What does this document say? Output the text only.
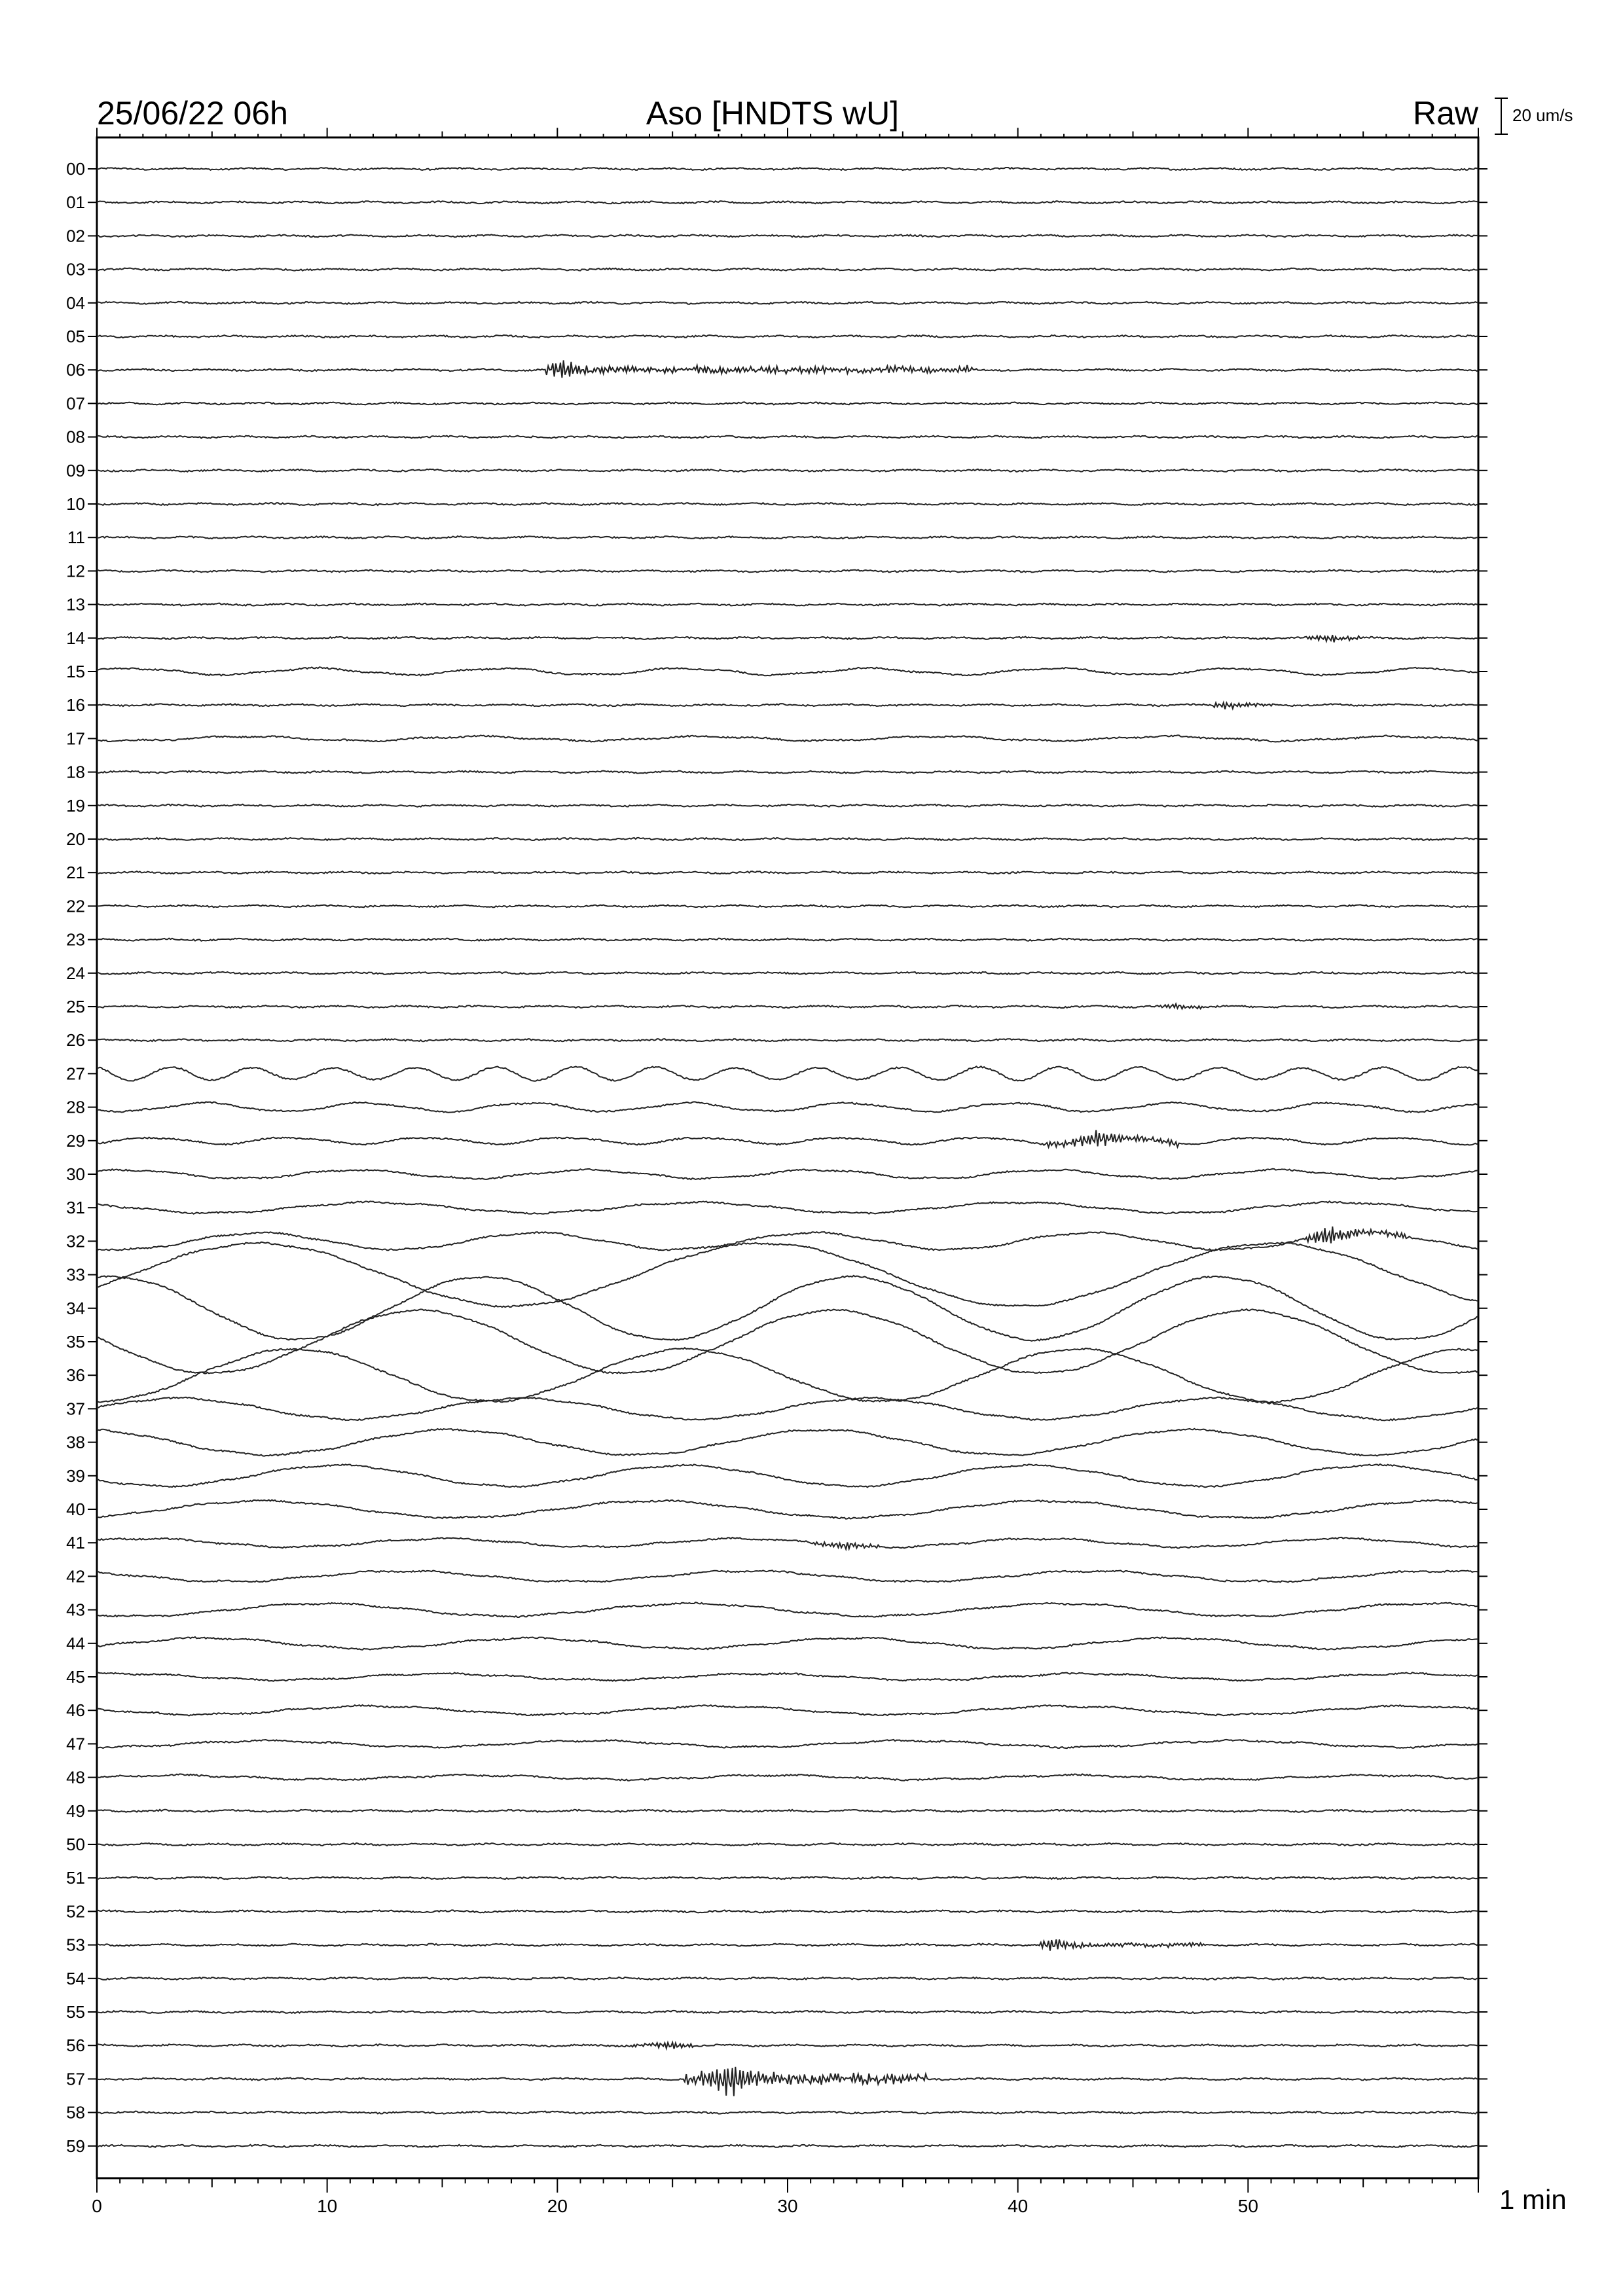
25/06/22 06h	Aso [HNDTS wU]	Raw 20 um/s
1 min
0	10	20	30	40	50
00
01
02
03
04
05
06
07
08
09
10
11
12
13
14
15
16
17
18
19
20
21
22
23
24
25
26
27
28
29
30
31
32
33
34
35
36
37
38
39
40
41
42
43
44
45
46
47
48
49
50
51
52
53
54
55
56
57
58
59
